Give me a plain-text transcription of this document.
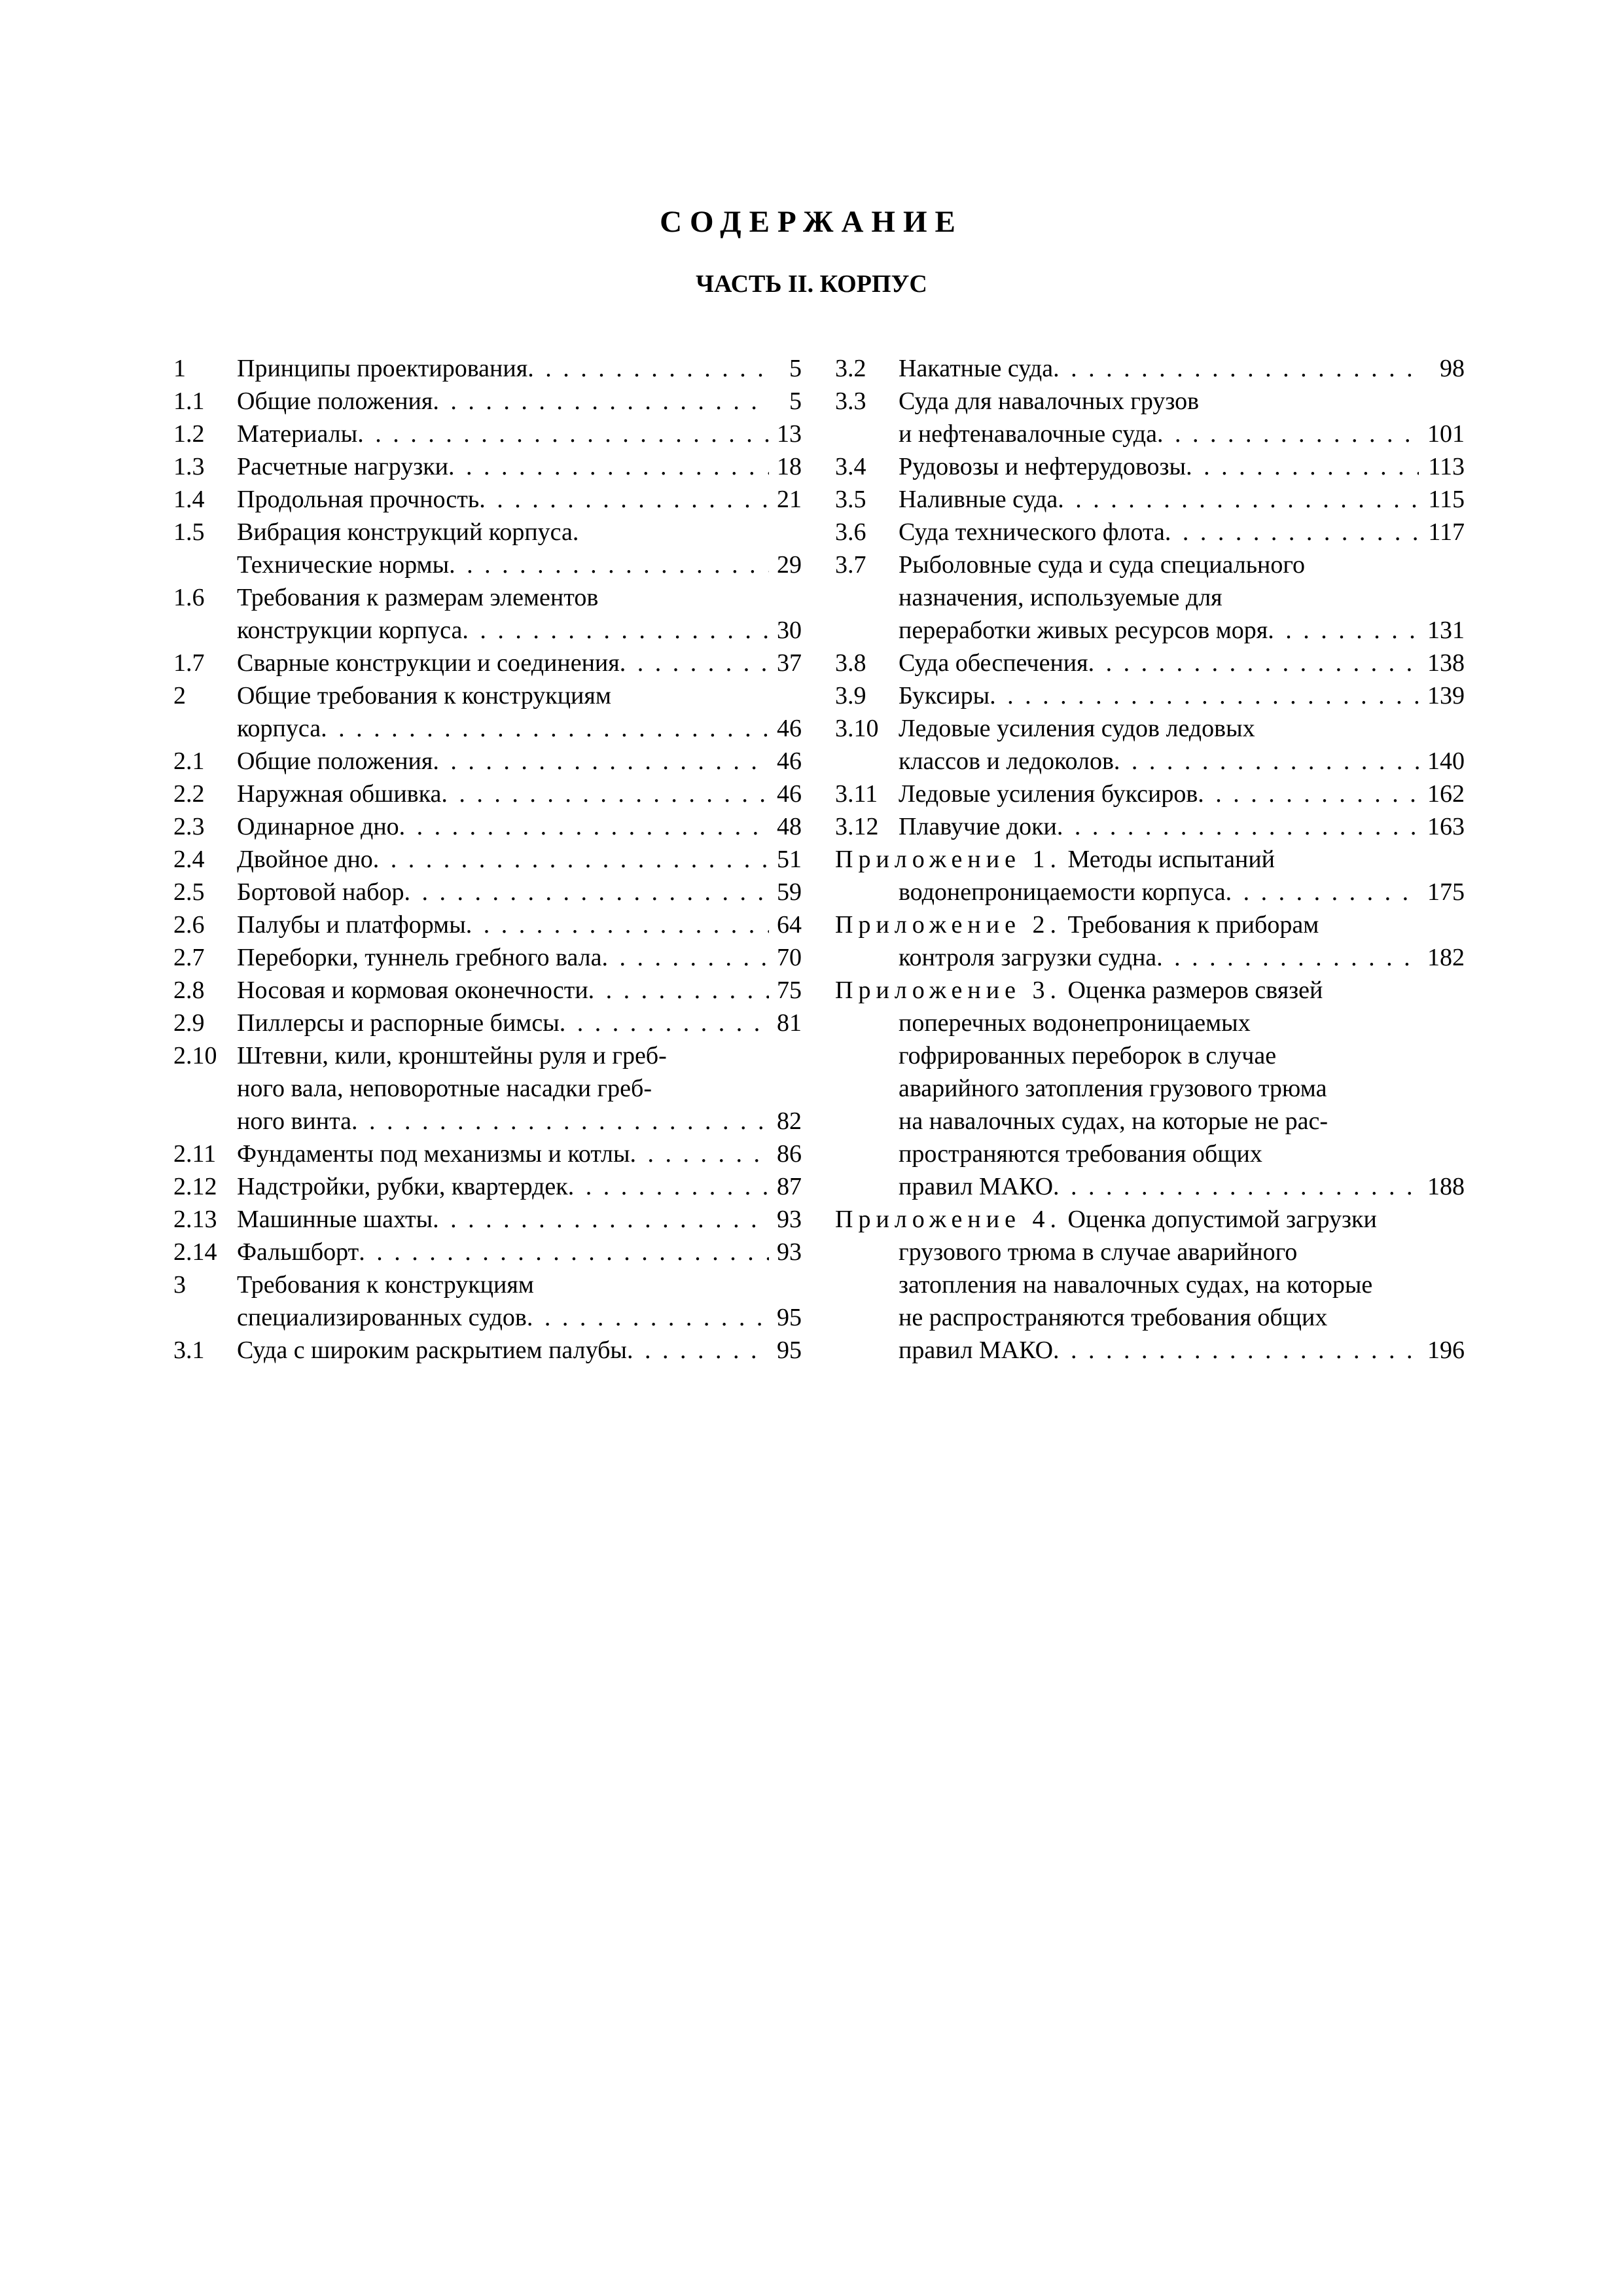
СОДЕРЖАНИЕ
ЧАСТЬ II. КОРПУС
1	Принципы проектирования . . .	5
1.1	Общие положения . . .	5
1.2	Материалы . . .	13
1.3	Расчетные нагрузки . . .	18
1.4	Продольная прочность . . .	21
1.5	Вибрация конструкций корпуса.
Технические нормы . . .	29
1.6	Требования к размерам элементов
конструкции корпуса . . .	30
1.7	Сварные конструкции и соединения . . .	37
2	Общие требования к конструкциям
корпуса . . .	46
2.1	Общие положения . . .	46
2.2	Наружная обшивка . . .	46
2.3	Одинарное дно . . .	48
2.4	Двойное дно . . .	51
2.5	Бортовой набор . . .	59
2.6	Палубы и платформы . . .	64
2.7	Переборки, туннель гребного вала . . .	70
2.8	Носовая и кормовая оконечности . . .	75
2.9	Пиллерсы и распорные бимсы . . .	81
2.10 Штевни, кили, кронштейны руля и греб-
ного вала, неповоротные насадки греб-
ного винта . . .	82
2.11 Фундаменты под механизмы и котлы . . .	86
2.12 Надстройки, рубки, квартердек . . .	87
2.13 Машинные шахты . . .	93
2.14 Фальшборт . . .	93
3	Требования к конструкциям
специализированных судов . . .	95
3.1	Суда с широким раскрытием палубы . . .	95
3.2	Накатные суда . . .	98
3.3	Суда для навалочных грузов
и нефтенавалочные суда . . .	101
3.4	Рудовозы и нефтерудовозы . . .	113
3.5	Наливные суда . . .	115
3.6	Суда технического флота . . .	117
3.7	Рыболовные суда и суда специального
назначения, используемые для
переработки живых ресурсов моря . . .	131
3.8	Суда обеспечения . . .	138
3.9	Буксиры . . .	139
3.10 Ледовые усиления судов ледовых
классов и ледоколов . . .	140
3.11 Ледовые усиления буксиров . . .	162
3.12 Плавучие доки . . .	163
Приложение 1. Методы испытаний
водонепроницаемости корпуса . . .	175
Приложение 2. Требования к приборам
контроля загрузки судна . . .	182
Приложение 3. Оценка размеров связей
поперечных водонепроницаемых
гофрированных переборок в случае
аварийного затопления грузового трюма
на навалочных судах, на которые не рас-
пространяются требования общих
правил МАКО . . .	188
Приложение 4. Оценка допустимой загрузки
грузового трюма в случае аварийного
затопления на навалочных судах, на которые
не распространяются требования общих
правил МАКО . . .	196
